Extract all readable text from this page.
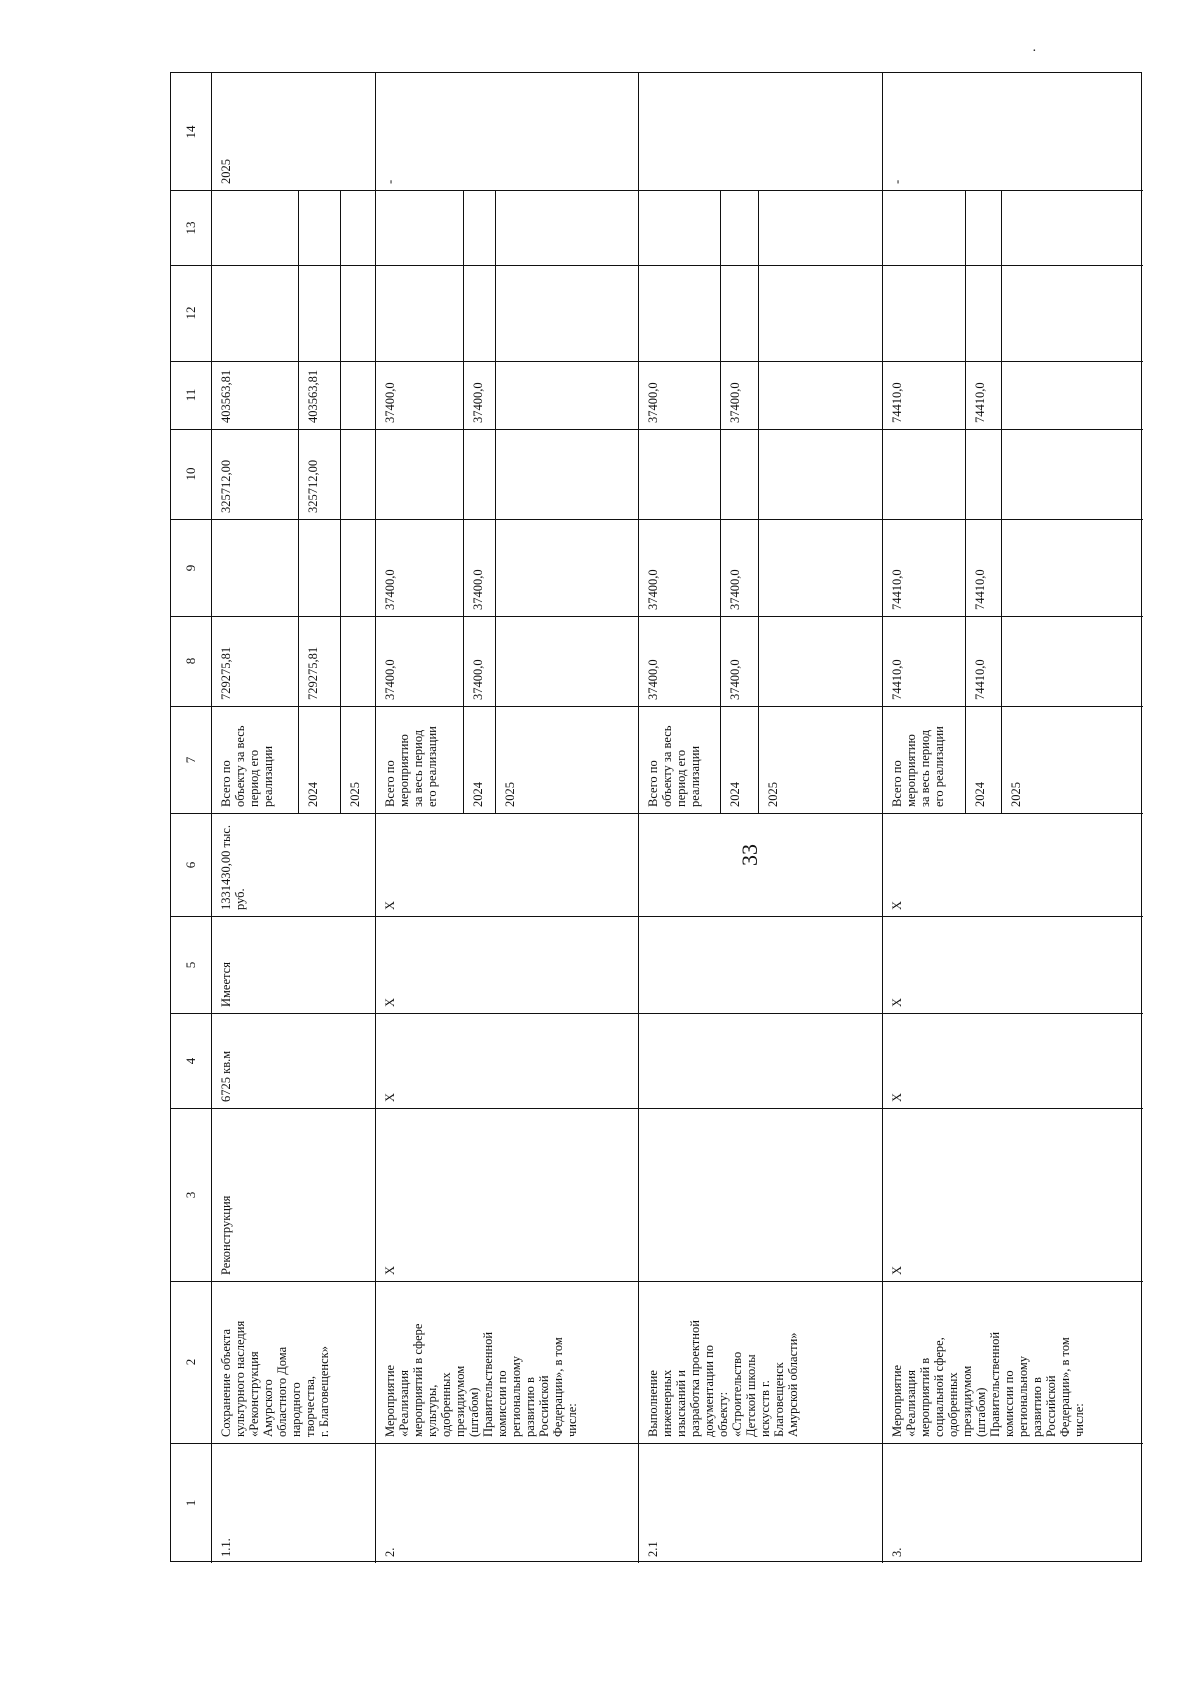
33
1
2
3
4
5
6
7
8
9
10
11
12
13
14
1.1.
Сохранение объекта
культурного наследия
«Реконструкция
Амурского
областного Дома
народного
творчества,
г. Благовещенск»
Реконструкция
6725 кв.м
Имеется
1331430,00 тыс.
руб.
2025
Всего по
объекту за весь
период его
реализации
729275,81
325712,00
403563,81
2024
729275,81
325712,00
403563,81
2025
2.
Мероприятие
«Реализация
мероприятий в сфере
культуры,
одобренных
президиумом
(штабом)
Правительственной
комиссии по
региональному
развитию в
Российской
Федерации», в том
числе:
Х
Х
Х
Х
-
Всего по
мероприятию
за весь период
его реализации
37400,0
37400,0
37400,0
2024
37400,0
37400,0
37400,0
2025
2.1
Выполнение
инженерных
изысканий и
разработка проектной
документации по
объекту:
«Строительство
Детской школы
искусств г.
Благовещенск
Амурской области»
Всего по
объекту за весь
период его
реализации
37400,0
37400,0
37400,0
2024
37400,0
37400,0
37400,0
2025
3.
Мероприятие
«Реализация
мероприятий в
социальной сфере,
одобренных
президиумом
(штабом)
Правительственной
комиссии по
региональному
развитию в
Российской
Федерации», в том
числе:
Х
Х
Х
Х
-
Всего по
мероприятию
за весь период
его реализации
74410,0
74410,0
74410,0
2024
74410,0
74410,0
74410,0
2025
·
